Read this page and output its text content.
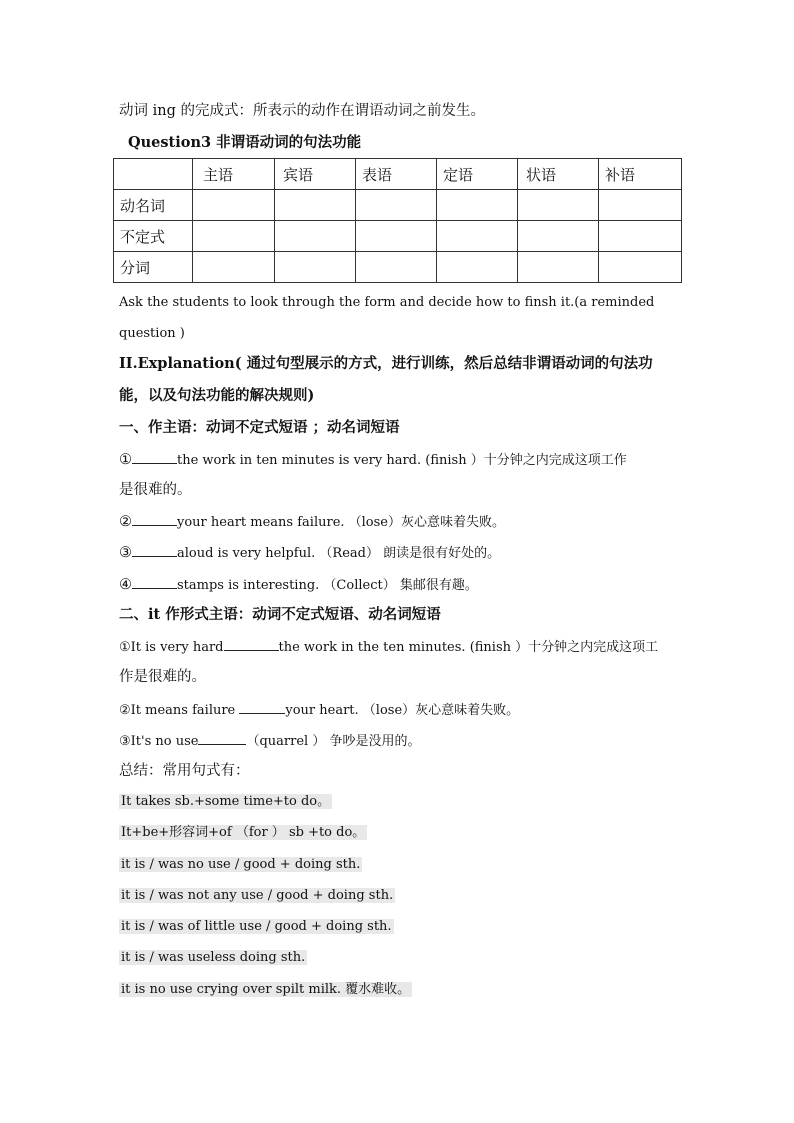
动词 ing 的完成式：所表示的动作在谓语动词之前发生。
Question3 非谓语动词的句法功能
	主语	宾语	表语	定语	状语	补语
动名词						
不定式						
分词						
Ask the students to look through the form and decide how to finsh it.(a reminded
question )
II.Explanation( 通过句型展示的方式，进行训练，然后总结非谓语动词的句法功
能，以及句法功能的解决规则)
一、作主语：动词不定式短语 ；动名词短语
①	the work in ten minutes is very hard. (finish ）十分钟之内完成这项工作
是很难的。
②	your heart means failure. （lose）灰心意味着失败。
③	aloud is very helpful. （Read） 朗读是很有好处的。
④	stamps is interesting. （Collect） 集邮很有趣。
二、it 作形式主语：动词不定式短语、动名词短语
①It is very hard	the work in the ten minutes. (finish ）十分钟之内完成这项工
作是很难的。
②It means failure	your heart. （lose）灰心意味着失败。
③It's no use	（quarrel ） 争吵是没用的。
总结：常用句式有：
It takes sb.+some time+to do。
It+be+形容词+of （for ） sb +to do。
it is / was no use / good + doing sth.
it is / was not any use / good + doing sth.
it is / was of little use / good + doing sth.
it is / was useless doing sth.
it is no use crying over spilt milk. 覆水难收。
